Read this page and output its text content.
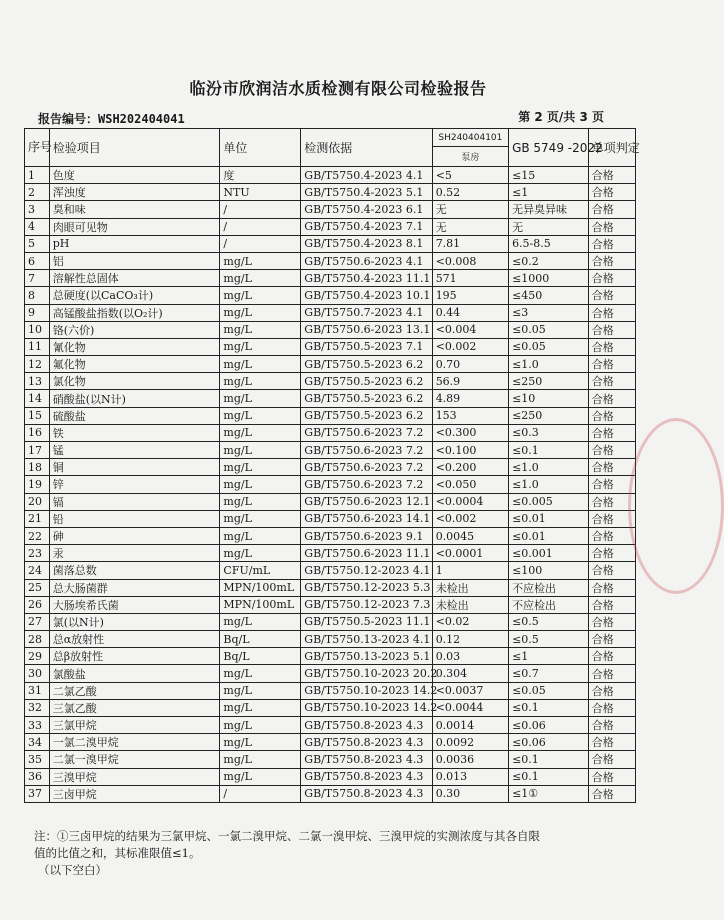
临汾市欣润洁水质检测有限公司检验报告
报告编号：WSH202404041	第 2 页/共 3 页
序号	检验项目	单位	检测依据	SH240404101
泵房	GB 5749 -2022	单项判定
1	色度	度	GB/T5750.4-2023 4.1	<5	≤15	合格
2	浑浊度	NTU	GB/T5750.4-2023 5.1	0.52	≤1	合格
3	臭和味	/	GB/T5750.4-2023 6.1	无	无异臭异味	合格
4	肉眼可见物	/	GB/T5750.4-2023 7.1	无	无	合格
5	pH	/	GB/T5750.4-2023 8.1	7.81	6.5-8.5	合格
6	铝	mg/L	GB/T5750.6-2023 4.1	<0.008	≤0.2	合格
7	溶解性总固体	mg/L	GB/T5750.4-2023 11.1	571	≤1000	合格
8	总硬度(以CaCO₃计)	mg/L	GB/T5750.4-2023 10.1	195	≤450	合格
9	高锰酸盐指数(以O₂计)	mg/L	GB/T5750.7-2023 4.1	0.44	≤3	合格
10	铬(六价)	mg/L	GB/T5750.6-2023 13.1	<0.004	≤0.05	合格
11	氰化物	mg/L	GB/T5750.5-2023 7.1	<0.002	≤0.05	合格
12	氟化物	mg/L	GB/T5750.5-2023 6.2	0.70	≤1.0	合格
13	氯化物	mg/L	GB/T5750.5-2023 6.2	56.9	≤250	合格
14	硝酸盐(以N计)	mg/L	GB/T5750.5-2023 6.2	4.89	≤10	合格
15	硫酸盐	mg/L	GB/T5750.5-2023 6.2	153	≤250	合格
16	铁	mg/L	GB/T5750.6-2023 7.2	<0.300	≤0.3	合格
17	锰	mg/L	GB/T5750.6-2023 7.2	<0.100	≤0.1	合格
18	铜	mg/L	GB/T5750.6-2023 7.2	<0.200	≤1.0	合格
19	锌	mg/L	GB/T5750.6-2023 7.2	<0.050	≤1.0	合格
20	镉	mg/L	GB/T5750.6-2023 12.1	<0.0004	≤0.005	合格
21	铅	mg/L	GB/T5750.6-2023 14.1	<0.002	≤0.01	合格
22	砷	mg/L	GB/T5750.6-2023 9.1	0.0045	≤0.01	合格
23	汞	mg/L	GB/T5750.6-2023 11.1	<0.0001	≤0.001	合格
24	菌落总数	CFU/mL	GB/T5750.12-2023 4.1	1	≤100	合格
25	总大肠菌群	MPN/100mL	GB/T5750.12-2023 5.3	未检出	不应检出	合格
26	大肠埃希氏菌	MPN/100mL	GB/T5750.12-2023 7.3	未检出	不应检出	合格
27	氯(以N计)	mg/L	GB/T5750.5-2023 11.1	<0.02	≤0.5	合格
28	总α放射性	Bq/L	GB/T5750.13-2023 4.1	0.12	≤0.5	合格
29	总β放射性	Bq/L	GB/T5750.13-2023 5.1	0.03	≤1	合格
30	氯酸盐	mg/L	GB/T5750.10-2023 20.2	0.304	≤0.7	合格
31	二氯乙酸	mg/L	GB/T5750.10-2023 14.2	<0.0037	≤0.05	合格
32	三氯乙酸	mg/L	GB/T5750.10-2023 14.2	<0.0044	≤0.1	合格
33	三氯甲烷	mg/L	GB/T5750.8-2023 4.3	0.0014	≤0.06	合格
34	一氯二溴甲烷	mg/L	GB/T5750.8-2023 4.3	0.0092	≤0.06	合格
35	二氯一溴甲烷	mg/L	GB/T5750.8-2023 4.3	0.0036	≤0.1	合格
36	三溴甲烷	mg/L	GB/T5750.8-2023 4.3	0.013	≤0.1	合格
37	三卤甲烷	/	GB/T5750.8-2023 4.3	0.30	≤1①	合格
注：①三卤甲烷的结果为三氯甲烷、一氯二溴甲烷、二氯一溴甲烷、三溴甲烷的实测浓度与其各自限
值的比值之和，其标准限值≤1。
（以下空白）
